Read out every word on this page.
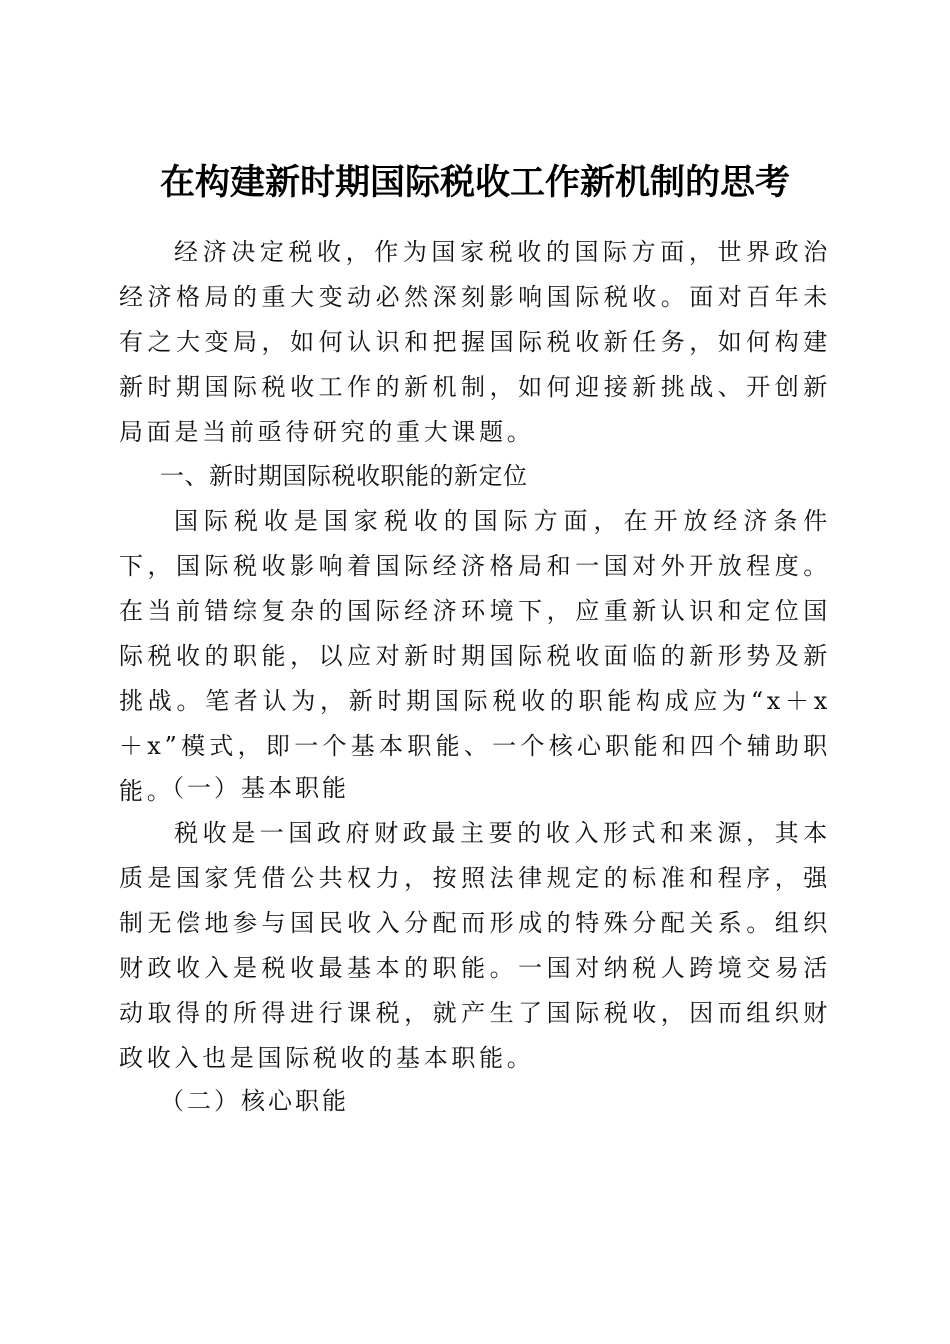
在构建新时期国际税收工作新机制的思考

经济决定税收，作为国家税收的国际方面，世界政治经济格局的重大变动必然深刻影响国际税收。面对百年未有之大变局，如何认识和把握国际税收新任务，如何构建新时期国际税收工作的新机制，如何迎接新挑战、开创新局面是当前亟待研究的重大课题。

一、新时期国际税收职能的新定位

国际税收是国家税收的国际方面，在开放经济条件下，国际税收影响着国际经济格局和一国对外开放程度。在当前错综复杂的国际经济环境下，应重新认识和定位国际税收的职能，以应对新时期国际税收面临的新形势及新挑战。笔者认为，新时期国际税收的职能构成应为“x＋x＋x”模式，即一个基本职能、一个核心职能和四个辅助职能。

（一）基本职能

税收是一国政府财政最主要的收入形式和来源，其本质是国家凭借公共权力，按照法律规定的标准和程序，强制无偿地参与国民收入分配而形成的特殊分配关系。组织财政收入是税收最基本的职能。一国对纳税人跨境交易活动取得的所得进行课税，就产生了国际税收，因而组织财政收入也是国际税收的基本职能。

（二）核心职能
